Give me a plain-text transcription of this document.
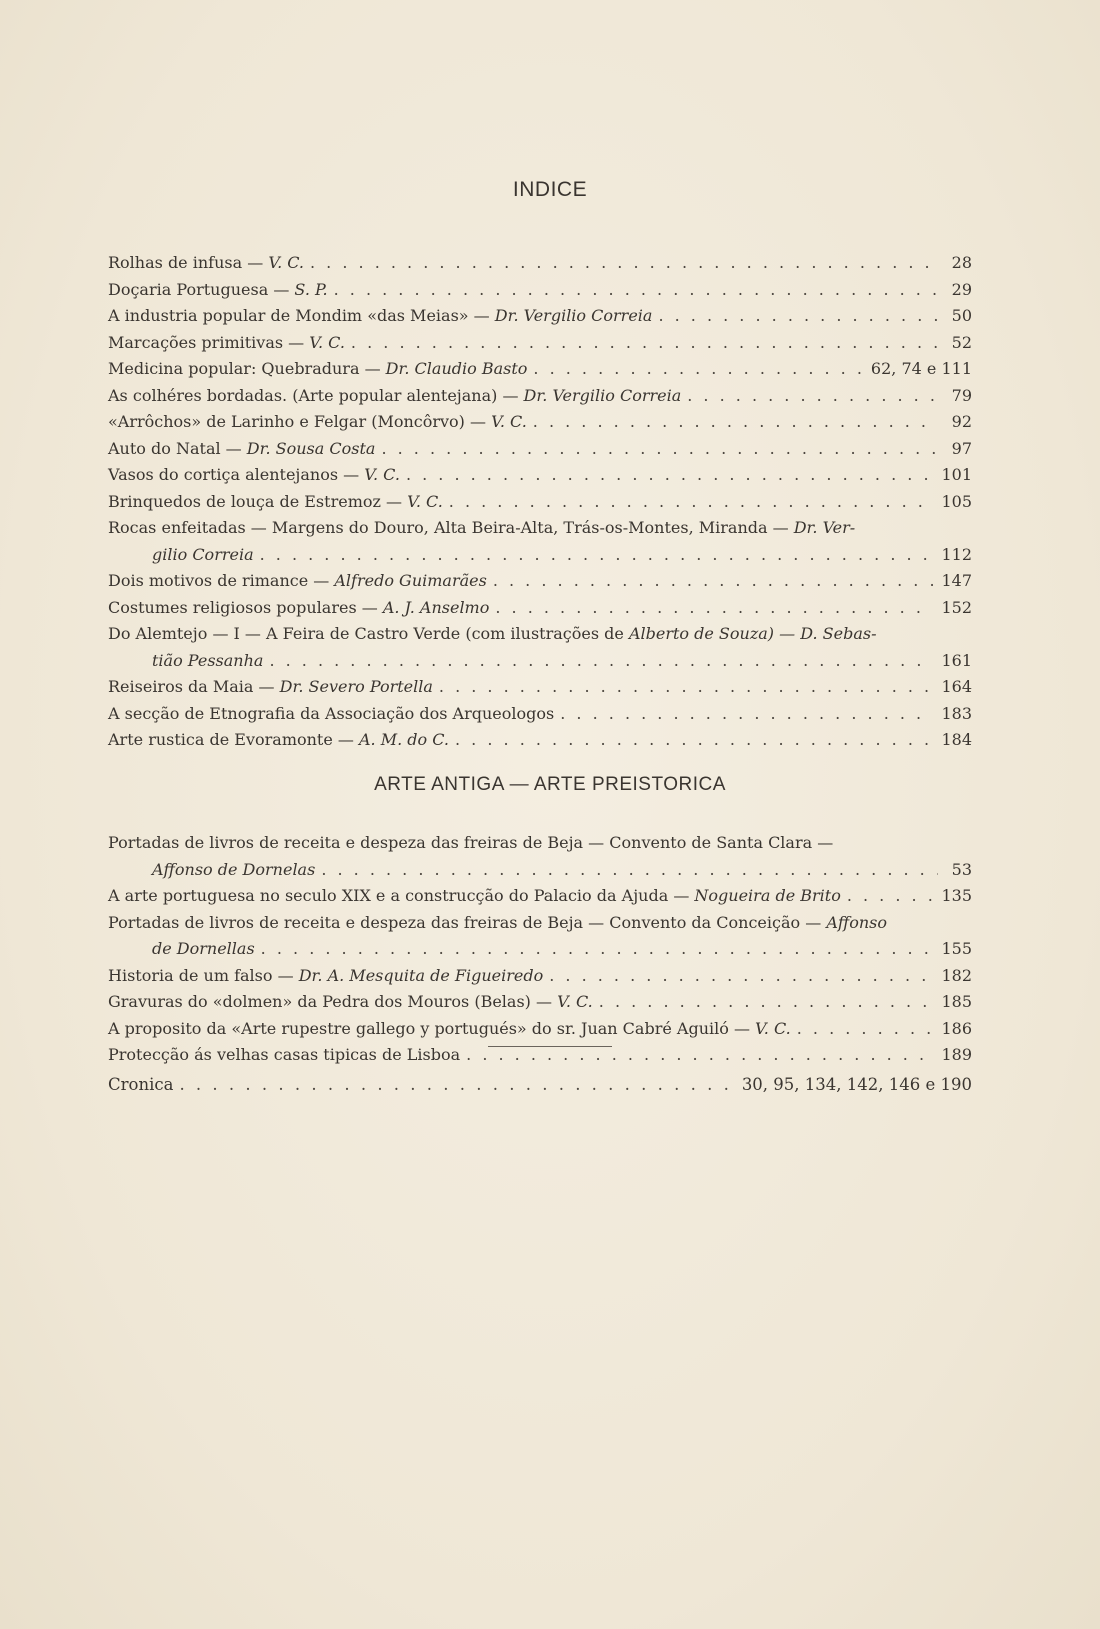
INDICE
Rolhas de infusa — V. C. . . .	28
Doçaria Portuguesa — S. P. . . .	29
A industria popular de Mondim «das Meias» — Dr. Vergilio Correia . . .	50
Marcações primitivas — V. C. . . .	52
Medicina popular: Quebradura — Dr. Claudio Basto . . .	62, 74 e 111
As colhéres bordadas. (Arte popular alentejana) — Dr. Vergilio Correia . . .	79
«Arrôchos» de Larinho e Felgar (Moncôrvo) — V. C. . . .	92
Auto do Natal — Dr. Sousa Costa . . .	97
Vasos do cortiça alentejanos — V. C. . . .	101
Brinquedos de louça de Estremoz — V. C. . . .	105
Rocas enfeitadas — Margens do Douro, Alta Beira-Alta, Trás-os-Montes, Miranda — Dr. Ver-
gilio Correia . . .	112
Dois motivos de rimance — Alfredo Guimarães . . .	147
Costumes religiosos populares — A. J. Anselmo . . .	152
Do Alemtejo — I — A Feira de Castro Verde (com ilustrações de Alberto de Souza) — D. Sebas-
tião Pessanha . . .	161
Reiseiros da Maia — Dr. Severo Portella . . .	164
A secção de Etnografia da Associação dos Arqueologos . . .	183
Arte rustica de Evoramonte — A. M. do C. . . .	184
ARTE ANTIGA — ARTE PREISTORICA
Portadas de livros de receita e despeza das freiras de Beja — Convento de Santa Clara —
Affonso de Dornelas . . .	53
A arte portuguesa no seculo XIX e a construcção do Palacio da Ajuda — Nogueira de Brito . . .	135
Portadas de livros de receita e despeza das freiras de Beja — Convento da Conceição — Affonso
de Dornellas . . .	155
Historia de um falso — Dr. A. Mesquita de Figueiredo . . .	182
Gravuras do «dolmen» da Pedra dos Mouros (Belas) — V. C. . . .	185
A proposito da «Arte rupestre gallego y portugués» do sr. Juan Cabré Aguiló — V. C. . . .	186
Protecção ás velhas casas tipicas de Lisboa . . .	189
Cronica . . .	30, 95, 134, 142, 146 e 190
